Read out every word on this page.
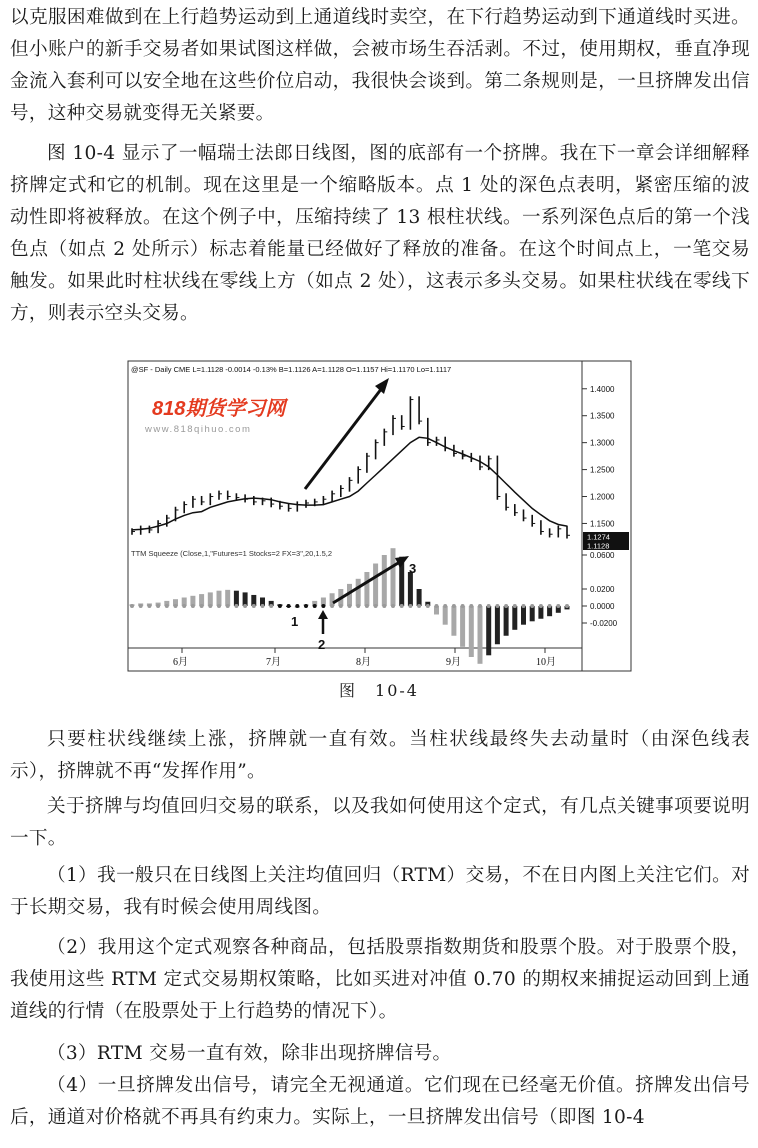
以克服困难做到在上行趋势运动到上通道线时卖空，在下行趋势运动到下通道线时买进。但小账户的新手交易者如果试图这样做，会被市场生吞活剥。不过，使用期权，垂直净现金流入套利可以安全地在这些价位启动，我很快会谈到。第二条规则是，一旦挤牌发出信号，这种交易就变得无关紧要。

图 10-4 显示了一幅瑞士法郎日线图，图的底部有一个挤牌。我在下一章会详细解释挤牌定式和它的机制。现在这里是一个缩略版本。点 1 处的深色点表明，紧密压缩的波动性即将被释放。在这个例子中，压缩持续了 13 根柱状线。一系列深色点后的第一个浅色点（如点 2 处所示）标志着能量已经做好了释放的准备。在这个时间点上，一笔交易触发。如果此时柱状线在零线上方（如点 2 处），这表示多头交易。如果柱状线在零线下方，则表示空头交易。

@SF - Daily CME L=1.1128 -0.0014 -0.13% B=1.1126 A=1.1128 O=1.1157 Hi=1.1170 Lo=1.1117
818期货学习网
www.818qihuo.com
TTM Squeeze (Close,1,"Futures=1 Stocks=2 FX=3",20,1.5,2
1.4000
1.3500
1.3000
1.2500
1.2000
1.1500
0.0600
0.0200
0.0000
-0.0200
6月	7月	8月	9月	10月
1.1274
1.1128
1
2
3
图　10-4

只要柱状线继续上涨，挤牌就一直有效。当柱状线最终失去动量时（由深色线表示），挤牌就不再“发挥作用”。

关于挤牌与均值回归交易的联系，以及我如何使用这个定式，有几点关键事项要说明一下。

（1）我一般只在日线图上关注均值回归（RTM）交易，不在日内图上关注它们。对于长期交易，我有时候会使用周线图。

（2）我用这个定式观察各种商品，包括股票指数期货和股票个股。对于股票个股，我使用这些 RTM 定式交易期权策略，比如买进对冲值 0.70 的期权来捕捉运动回到上通道线的行情（在股票处于上行趋势的情况下）。

（3）RTM 交易一直有效，除非出现挤牌信号。

（4）一旦挤牌发出信号，请完全无视通道。它们现在已经毫无价值。挤牌发出信号后，通道对价格就不再具有约束力。实际上，一旦挤牌发出信号（即图 10-4
